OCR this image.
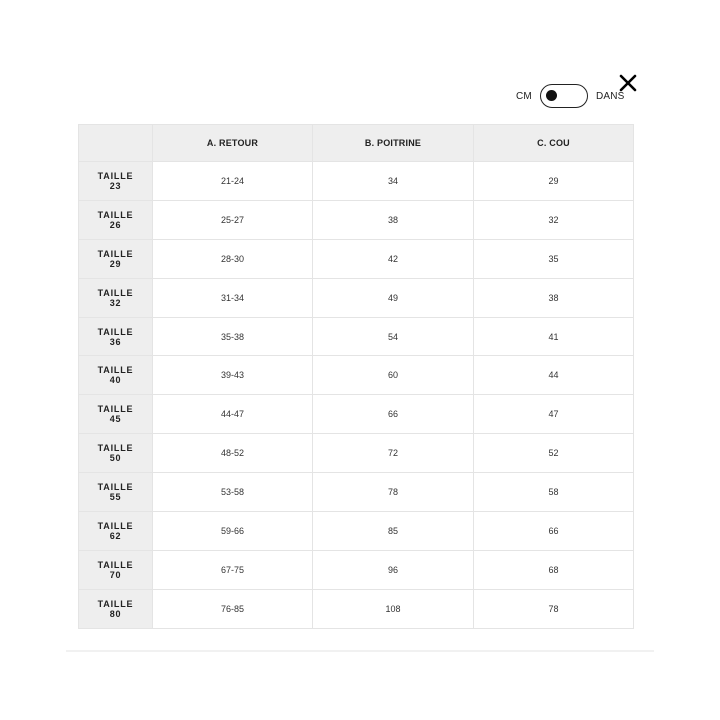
CM	DANS
	A. RETOUR	B. POITRINE	C. COU

TAILLE
23	21-24	34	29

TAILLE
26	25-27	38	32

TAILLE
29	28-30	42	35

TAILLE
32	31-34	49	38

TAILLE
36	35-38	54	41

TAILLE
40	39-43	60	44

TAILLE
45	44-47	66	47

TAILLE
50	48-52	72	52

TAILLE
55	53-58	78	58

TAILLE
62	59-66	85	66

TAILLE
70	67-75	96	68

TAILLE
80	76-85	108	78
